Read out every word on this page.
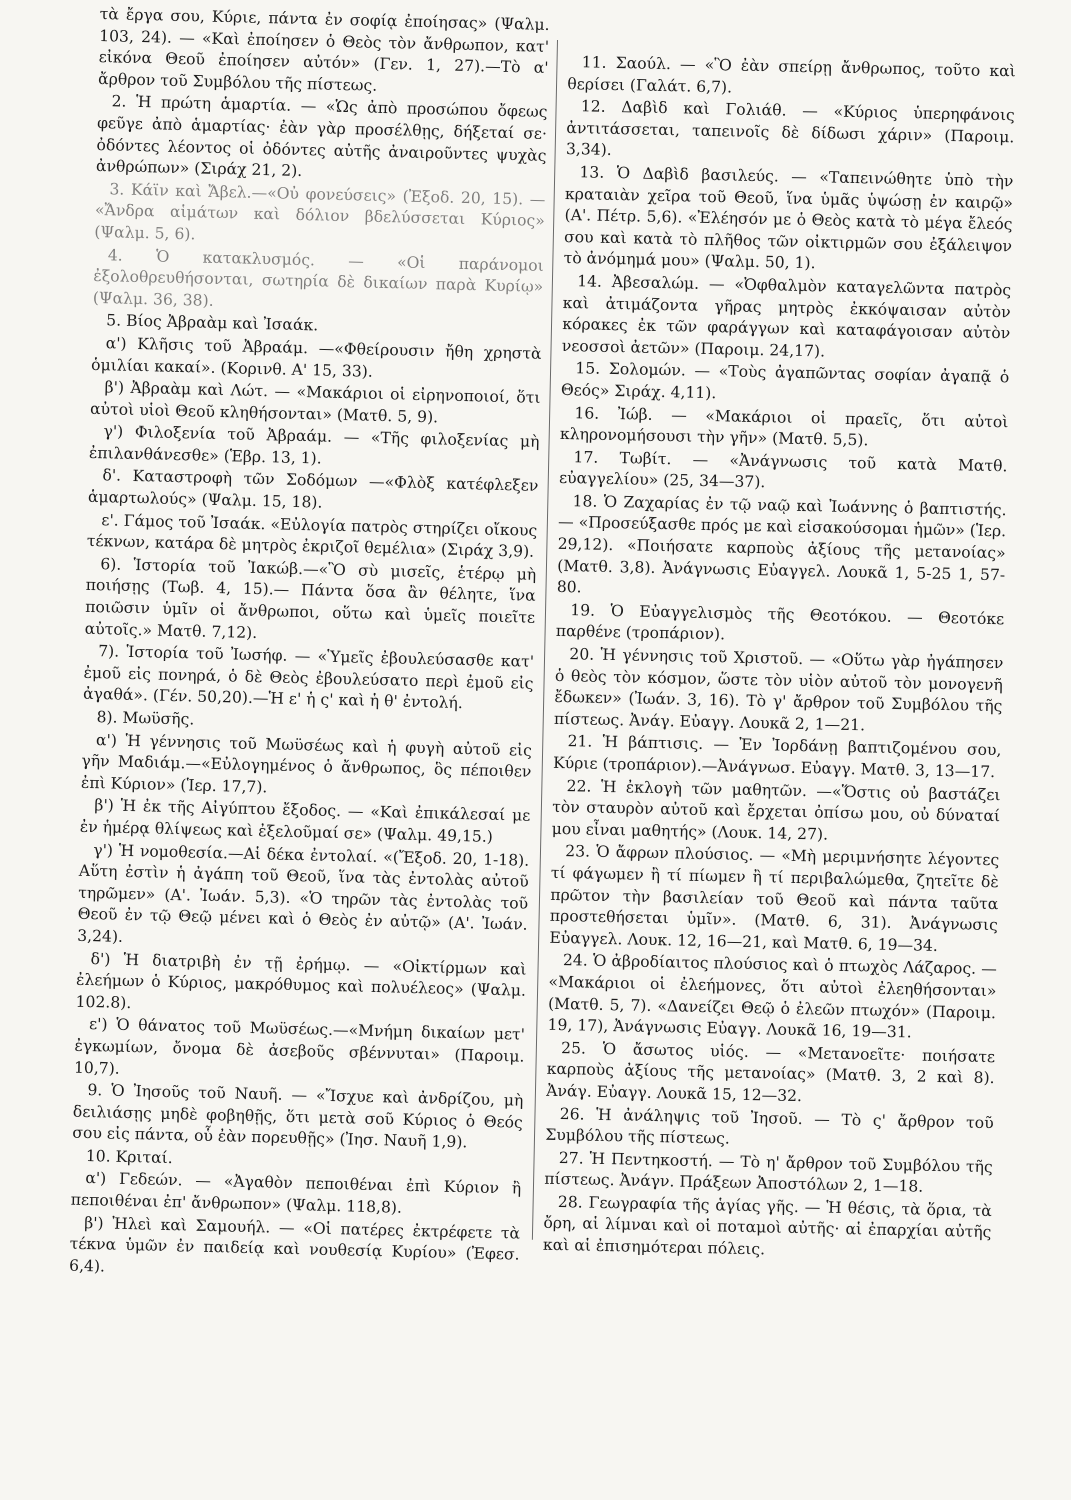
τὰ ἔργα σου, Κύριε, πάντα ἐν σοφίᾳ ἐποίησας» (Ψαλμ. 103, 24). — «Καὶ ἐποίησεν ὁ Θεὸς τὸν ἄνθρωπον, κατ' εἰκόνα Θεοῦ ἐποίησεν αὐτόν» (Γεν. 1, 27).—Τὸ α' ἄρθρον τοῦ Συμβόλου τῆς πίστεως.

2. Ἡ πρώτη ἁμαρτία. — «Ὡς ἀπὸ προσώπου ὄφεως φεῦγε ἀπὸ ἁμαρτίας· ἐὰν γὰρ προσέλθῃς, δήξεταί σε· ὀδόντες λέοντος οἱ ὀδόντες αὐτῆς ἀναιροῦντες ψυχὰς ἀνθρώπων» (Σιράχ 21, 2).

3. Κάϊν καὶ Ἄβελ.—«Οὐ φονεύσεις» (Ἐξοδ. 20, 15). — «Ἄνδρα αἱμάτων καὶ δόλιον βδελύσσεται Κύριος» (Ψαλμ. 5, 6).

4. Ὁ κατακλυσμός. — «Οἱ παράνομοι ἐξολοθρευθήσονται, σωτηρία δὲ δικαίων παρὰ Κυρίῳ» (Ψαλμ. 36, 38).

5. Βίος Ἀβραὰμ καὶ Ἰσαάκ.

α') Κλῆσις τοῦ Ἀβραάμ. —«Φθείρουσιν ἤθη χρηστὰ ὁμιλίαι κακαί». (Κορινθ. Α' 15, 33).

β') Ἀβραὰμ καὶ Λώτ. — «Μακάριοι οἱ εἰρηνοποιοί, ὅτι αὐτοὶ υἱοὶ Θεοῦ κληθήσονται» (Ματθ. 5, 9).

γ') Φιλοξενία τοῦ Ἀβραάμ. — «Τῆς φιλοξενίας μὴ ἐπιλανθάνεσθε» (Ἑβρ. 13, 1).

δ'. Καταστροφὴ τῶν Σοδόμων —«Φλὸξ κατέφλεξεν ἁμαρτωλούς» (Ψαλμ. 15, 18).

ε'. Γάμος τοῦ Ἰσαάκ. «Εὐλογία πατρὸς στηρίζει οἴκους τέκνων, κατάρα δὲ μητρὸς ἐκριζοῖ θεμέλια» (Σιράχ 3,9).

6). Ἱστορία τοῦ Ἰακώβ.—«Ὃ σὺ μισεῖς, ἑτέρῳ μὴ ποιήσῃς (Τωβ. 4, 15).— Πάντα ὅσα ἂν θέλητε, ἵνα ποιῶσιν ὑμῖν οἱ ἄνθρωποι, οὕτω καὶ ὑμεῖς ποιεῖτε αὐτοῖς.» Ματθ. 7,12).

7). Ἱστορία τοῦ Ἰωσήφ. — «Ὑμεῖς ἐβουλεύσασθε κατ' ἐμοῦ εἰς πονηρά, ὁ δὲ Θεὸς ἐβουλεύσατο περὶ ἐμοῦ εἰς ἀγαθά». (Γέν. 50,20).—Ἡ ε' ἡ ς' καὶ ἡ θ' ἐντολή.

8). Μωϋσῆς.

α') Ἡ γέννησις τοῦ Μωϋσέως καὶ ἡ φυγὴ αὐτοῦ εἰς γῆν Μαδιάμ.—«Εὐλογημένος ὁ ἄνθρωπος, ὃς πέποιθεν ἐπὶ Κύριον» (Ἱερ. 17,7).

β') Ἡ ἐκ τῆς Αἰγύπτου ἔξοδος. — «Καὶ ἐπικάλεσαί με ἐν ἡμέρᾳ θλίψεως καὶ ἐξελοῦμαί σε» (Ψαλμ. 49,15.)

γ') Ἡ νομοθεσία.—Αἱ δέκα ἐντολαί. «(Ἔξοδ. 20, 1-18). Αὕτη ἐστὶν ἡ ἀγάπη τοῦ Θεοῦ, ἵνα τὰς ἐντολὰς αὐτοῦ τηρῶμεν» (Α'. Ἰωάν. 5,3). «Ὁ τηρῶν τὰς ἐντολὰς τοῦ Θεοῦ ἐν τῷ Θεῷ μένει καὶ ὁ Θεὸς ἐν αὐτῷ» (Α'. Ἰωάν. 3,24).

δ') Ἡ διατριβὴ ἐν τῇ ἐρήμῳ. — «Οἰκτίρμων καὶ ἐλεήμων ὁ Κύριος, μακρόθυμος καὶ πολυέλεος» (Ψαλμ. 102.8).

ε') Ὁ θάνατος τοῦ Μωϋσέως.—«Μνήμη δικαίων μετ' ἐγκωμίων, ὄνομα δὲ ἀσεβοῦς σβέννυται» (Παροιμ. 10,7).

9. Ὁ Ἰησοῦς τοῦ Ναυῆ. — «Ἴσχυε καὶ ἀνδρίζου, μὴ δειλιάσῃς μηδὲ φοβηθῇς, ὅτι μετὰ σοῦ Κύριος ὁ Θεός σου εἰς πάντα, οὗ ἐὰν πορευθῇς» (Ἰησ. Ναυῆ 1,9).

10. Κριταί.

α') Γεδεών. — «Ἀγαθὸν πεποιθέναι ἐπὶ Κύριον ἢ πεποιθέναι ἐπ' ἄνθρωπον» (Ψαλμ. 118,8).

β') Ἠλεὶ καὶ Σαμουήλ. — «Οἱ πατέρες ἐκτρέφετε τὰ τέκνα ὑμῶν ἐν παιδείᾳ καὶ νουθεσίᾳ Κυρίου» (Ἐφεσ. 6,4).

11. Σαούλ. — «Ὃ ἐὰν σπείρῃ ἄνθρωπος, τοῦτο καὶ θερίσει (Γαλάτ. 6,7).

12. Δαβὶδ καὶ Γολιάθ. — «Κύριος ὑπερηφάνοις ἀντιτάσσεται, ταπεινοῖς δὲ δίδωσι χάριν» (Παροιμ. 3,34).

13. Ὁ Δαβὶδ βασιλεύς. — «Ταπεινώθητε ὑπὸ τὴν κραταιὰν χεῖρα τοῦ Θεοῦ, ἵνα ὑμᾶς ὑψώσῃ ἐν καιρῷ» (Α'. Πέτρ. 5,6). «Ἐλέησόν με ὁ Θεὸς κατὰ τὸ μέγα ἔλεός σου καὶ κατὰ τὸ πλῆθος τῶν οἰκτιρμῶν σου ἐξάλειψον τὸ ἀνόμημά μου» (Ψαλμ. 50, 1).

14. Ἀβεσαλώμ. — «Ὀφθαλμὸν καταγελῶντα πατρὸς καὶ ἀτιμάζοντα γῆρας μητρὸς ἐκκόψαισαν αὐτὸν κόρακες ἐκ τῶν φαράγγων καὶ καταφάγοισαν αὐτὸν νεοσσοὶ ἀετῶν» (Παροιμ. 24,17).

15. Σολομών. — «Τοὺς ἀγαπῶντας σοφίαν ἀγαπᾷ ὁ Θεός» Σιράχ. 4,11).

16. Ἰώβ. — «Μακάριοι οἱ πραεῖς, ὅτι αὐτοὶ κληρονομήσουσι τὴν γῆν» (Ματθ. 5,5).

17. Τωβίτ. — «Ἀνάγνωσις τοῦ κατὰ Ματθ. εὐαγγελίου» (25, 34—37).

18. Ὁ Ζαχαρίας ἐν τῷ ναῷ καὶ Ἰωάννης ὁ βαπτιστής. — «Προσεύξασθε πρός με καὶ εἰσακούσομαι ἡμῶν» (Ἱερ. 29,12). «Ποιήσατε καρποὺς ἀξίους τῆς μετανοίας» (Ματθ. 3,8). Ἀνάγνωσις Εὐαγγελ. Λουκᾶ 1, 5-25 1, 57-80.

19. Ὁ Εὐαγγελισμὸς τῆς Θεοτόκου. — Θεοτόκε παρθένε (τροπάριον).

20. Ἡ γέννησις τοῦ Χριστοῦ. — «Οὕτω γὰρ ἠγάπησεν ὁ θεὸς τὸν κόσμον, ὥστε τὸν υἱὸν αὐτοῦ τὸν μονογενῆ ἔδωκεν» (Ἰωάν. 3, 16). Τὸ γ' ἄρθρον τοῦ Συμβόλου τῆς πίστεως. Ἀνάγ. Εὐαγγ. Λουκᾶ 2, 1—21.

21. Ἡ βάπτισις. — Ἐν Ἰορδάνῃ βαπτιζομένου σου, Κύριε (τροπάριον).—Ἀνάγνωσ. Εὐαγγ. Ματθ. 3, 13—17.

22. Ἡ ἐκλογὴ τῶν μαθητῶν. —«Ὅστις οὐ βαστάζει τὸν σταυρὸν αὐτοῦ καὶ ἔρχεται ὀπίσω μου, οὐ δύναταί μου εἶναι μαθητής» (Λουκ. 14, 27).

23. Ὁ ἄφρων πλούσιος. — «Μὴ μεριμνήσητε λέγοντες τί φάγωμεν ἢ τί πίωμεν ἢ τί περιβαλώμεθα, ζητεῖτε δὲ πρῶτον τὴν βασιλείαν τοῦ Θεοῦ καὶ πάντα ταῦτα προστεθήσεται ὑμῖν». (Ματθ. 6, 31). Ἀνάγνωσις Εὐαγγελ. Λουκ. 12, 16—21, καὶ Ματθ. 6, 19—34.

24. Ὁ ἀβροδίαιτος πλούσιος καὶ ὁ πτωχὸς Λάζαρος. — «Μακάριοι οἱ ἐλεήμονες, ὅτι αὐτοὶ ἐλεηθήσονται» (Ματθ. 5, 7). «Δανείζει Θεῷ ὁ ἐλεῶν πτωχόν» (Παροιμ. 19, 17), Ἀνάγνωσις Εὐαγγ. Λουκᾶ 16, 19—31.

25. Ὁ ἄσωτος υἱός. — «Μετανοεῖτε· ποιήσατε καρποὺς ἀξίους τῆς μετανοίας» (Ματθ. 3, 2 καὶ 8). Ἀνάγ. Εὐαγγ. Λουκᾶ 15, 12—32.

26. Ἡ ἀνάληψις τοῦ Ἰησοῦ. — Τὸ ς' ἄρθρον τοῦ Συμβόλου τῆς πίστεως.

27. Ἡ Πεντηκοστή. — Τὸ η' ἄρθρον τοῦ Συμβόλου τῆς πίστεως. Ἀνάγν. Πράξεων Ἀποστόλων 2, 1—18.

28. Γεωγραφία τῆς ἁγίας γῆς. — Ἡ θέσις, τὰ ὅρια, τὰ ὄρη, αἱ λίμναι καὶ οἱ ποταμοὶ αὐτῆς· αἱ ἐπαρχίαι αὐτῆς καὶ αἱ ἐπισημότεραι πόλεις.
